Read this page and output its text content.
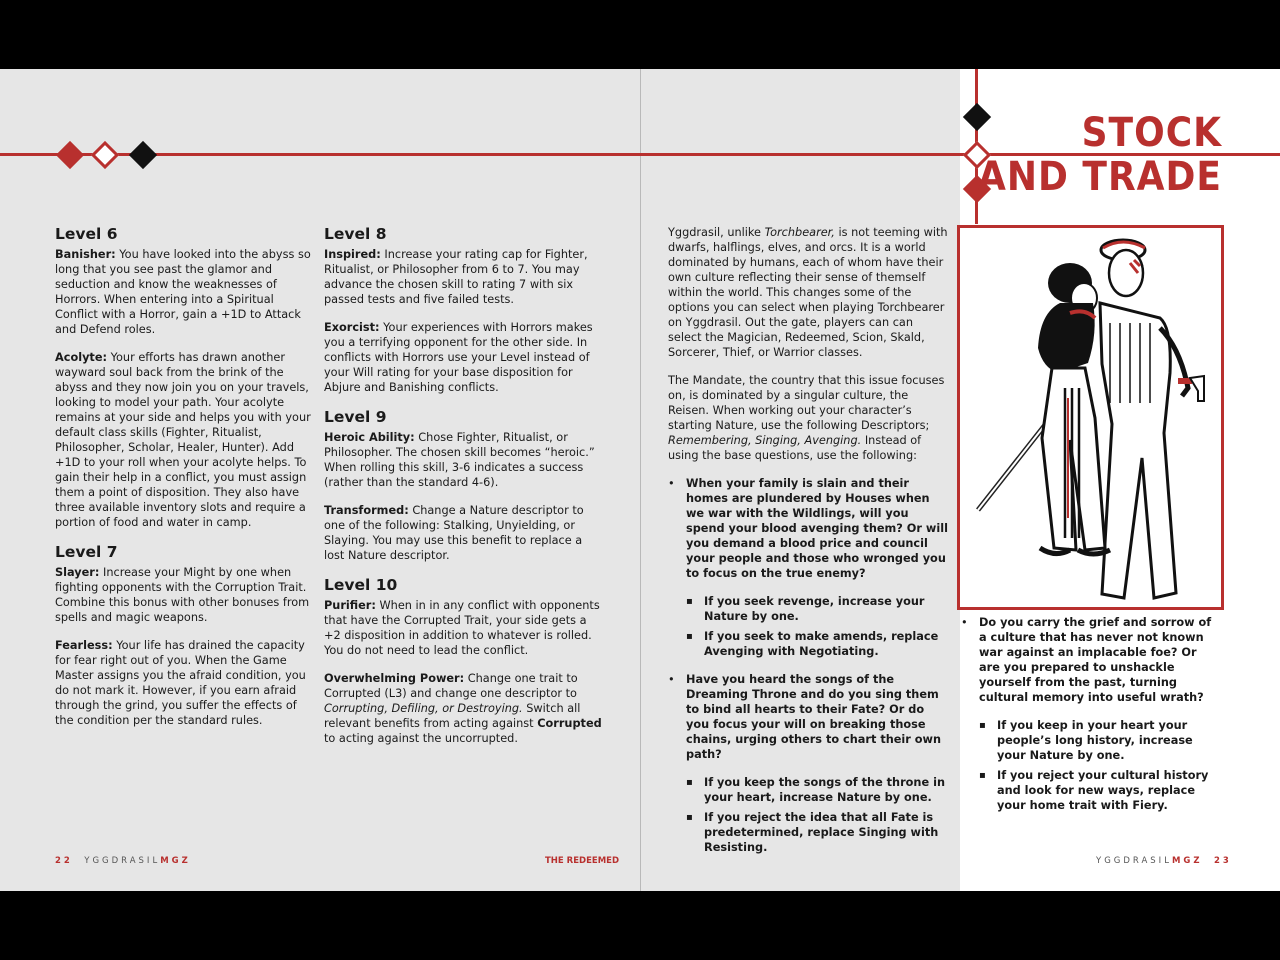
STOCK
AND TRADE
Level 6

Banisher: You have looked into the abyss so long that you see past the glamor and seduction and know the weaknesses of Horrors. When entering into a Spiritual Conflict with a Horror, gain a +1D to Attack and Defend roles.

Acolyte: Your efforts has drawn another wayward soul back from the brink of the abyss and they now join you on your travels, looking to model your path. Your acolyte remains at your side and helps you with your default class skills (Fighter, Ritualist, Philosopher, Scholar, Healer, Hunter). Add +1D to your roll when your acolyte helps. To gain their help in a conflict, you must assign them a point of disposition. They also have three available inventory slots and require a portion of food and water in camp.

Level 7

Slayer: Increase your Might by one when fighting opponents with the Corruption Trait. Combine this bonus with other bonuses from spells and magic weapons.

Fearless: Your life has drained the capacity for fear right out of you. When the Game Master assigns you the afraid condition, you do not mark it. However, if you earn afraid through the grind, you suffer the effects of the condition per the standard rules.

Level 8

Inspired: Increase your rating cap for Fighter, Ritualist, or Philosopher from 6 to 7. You may advance the chosen skill to rating 7 with six passed tests and five failed tests.

Exorcist: Your experiences with Horrors makes you a terrifying opponent for the other side. In conflicts with Horrors use your Level instead of your Will rating for your base disposition for Abjure and Banishing conflicts.

Level 9

Heroic Ability: Chose Fighter, Ritualist, or Philosopher. The chosen skill becomes “heroic.” When rolling this skill, 3-6 indicates a success (rather than the standard 4-6).

Transformed: Change a Nature descriptor to one of the following: Stalking, Unyielding, or Slaying. You may use this benefit to replace a lost Nature descriptor.

Level 10

Purifier: When in in any conflict with opponents that have the Corrupted Trait, your side gets a +2 disposition in addition to whatever is rolled. You do not need to lead the conflict.

Overwhelming Power: Change one trait to Corrupted (L3) and change one descriptor to Corrupting, Defiling, or Destroying. Switch all relevant benefits from acting against Corrupted to acting against the uncorrupted.

Yggdrasil, unlike Torchbearer, is not teeming with dwarfs, halflings, elves, and orcs. It is a world dominated by humans, each of whom have their own culture reflecting their sense of themself within the world. This changes some of the options you can select when playing Torchbearer on Yggdrasil. Out the gate, players can can select the Magician, Redeemed, Scion, Skald, Sorcerer, Thief, or Warrior classes.

The Mandate, the country that this issue focuses on, is dominated by a singular culture, the Reisen. When working out your character’s starting Nature, use the following Descriptors; Remembering, Singing, Avenging. Instead of using the base questions, use the following:

• When your family is slain and their homes are plundered by Houses when we war with the Wildlings, will you spend your blood avenging them? Or will you demand a blood price and council your people and those who wronged you to focus on the true enemy?
▪ If you seek revenge, increase your Nature by one.
▪ If you seek to make amends, replace Avenging with Negotiating.
• Have you heard the songs of the Dreaming Throne and do you sing them to bind all hearts to their Fate? Or do you focus your will on breaking those chains, urging others to chart their own path?
▪ If you keep the songs of the throne in your heart, increase Nature by one.
▪ If you reject the idea that all Fate is predetermined, replace Singing with Resisting.
• Do you carry the grief and sorrow of a culture that has never not known war against an implacable foe? Or are you prepared to unshackle yourself from the past, turning cultural memory into useful wrath?
▪ If you keep in your heart your people’s long history, increase your Nature by one.
▪ If you reject your cultural history and look for new ways, replace your home trait with Fiery.
22 YGGDRASILMGZ	THE REDEEMED	YGGDRASILMGZ 23
